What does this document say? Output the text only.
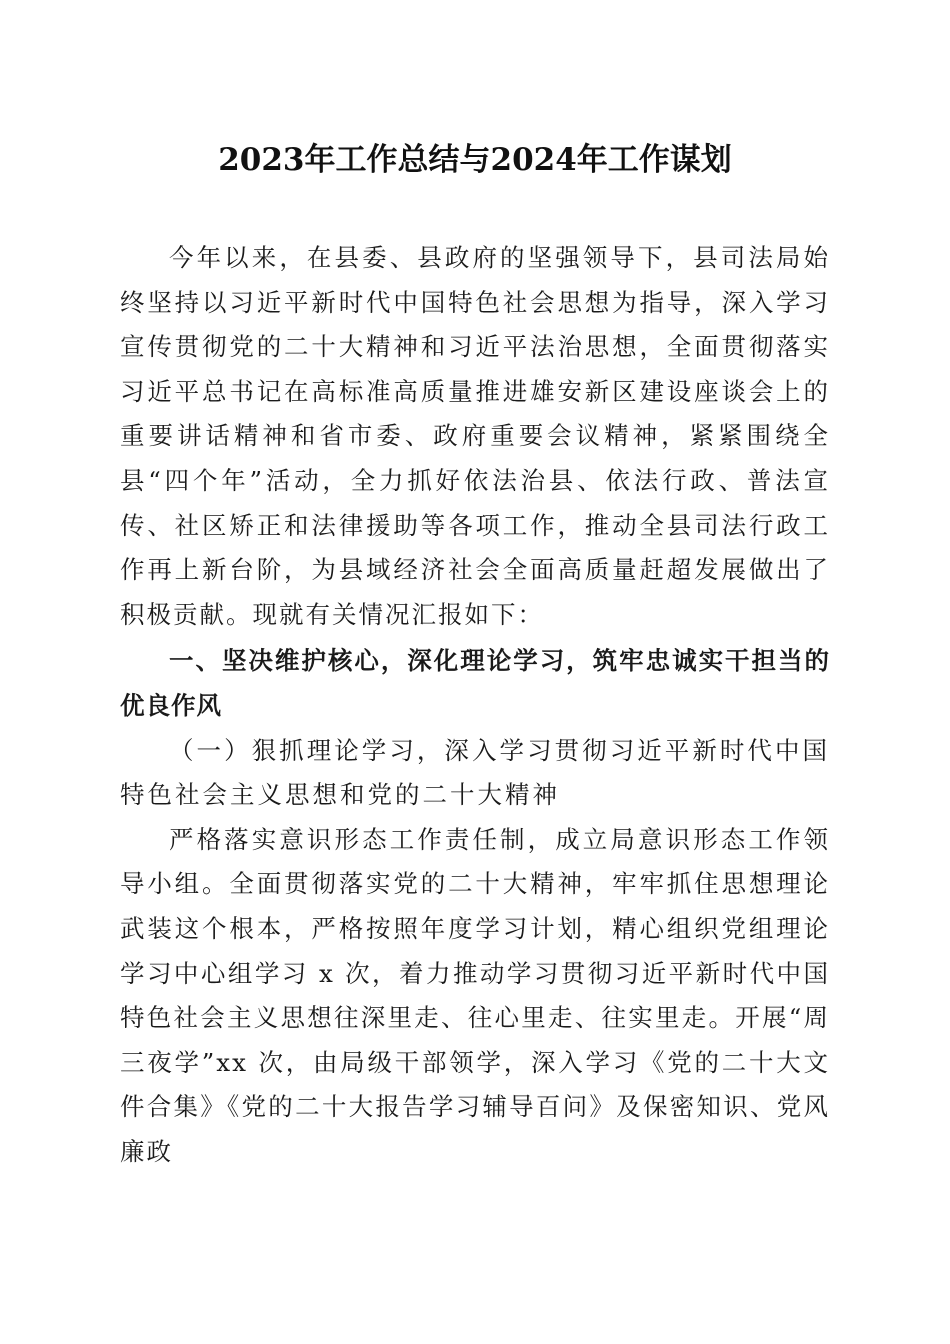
2023年工作总结与2024年工作谋划

今年以来，在县委、县政府的坚强领导下，县司法局始终坚持以习近平新时代中国特色社会思想为指导，深入学习宣传贯彻党的二十大精神和习近平法治思想，全面贯彻落实习近平总书记在高标准高质量推进雄安新区建设座谈会上的重要讲话精神和省市委、政府重要会议精神，紧紧围绕全县“四个年”活动，全力抓好依法治县、依法行政、普法宣传、社区矫正和法律援助等各项工作，推动全县司法行政工作再上新台阶，为县域经济社会全面高质量赶超发展做出了积极贡献。现就有关情况汇报如下：

一、坚决维护核心，深化理论学习，筑牢忠诚实干担当的优良作风

（一）狠抓理论学习，深入学习贯彻习近平新时代中国特色社会主义思想和党的二十大精神

严格落实意识形态工作责任制，成立局意识形态工作领导小组。全面贯彻落实党的二十大精神，牢牢抓住思想理论武装这个根本，严格按照年度学习计划，精心组织党组理论学习中心组学习 x 次，着力推动学习贯彻习近平新时代中国特色社会主义思想往深里走、往心里走、往实里走。开展“周三夜学”xx 次，由局级干部领学，深入学习《党的二十大文件合集》《党的二十大报告学习辅导百问》及保密知识、党风廉政
